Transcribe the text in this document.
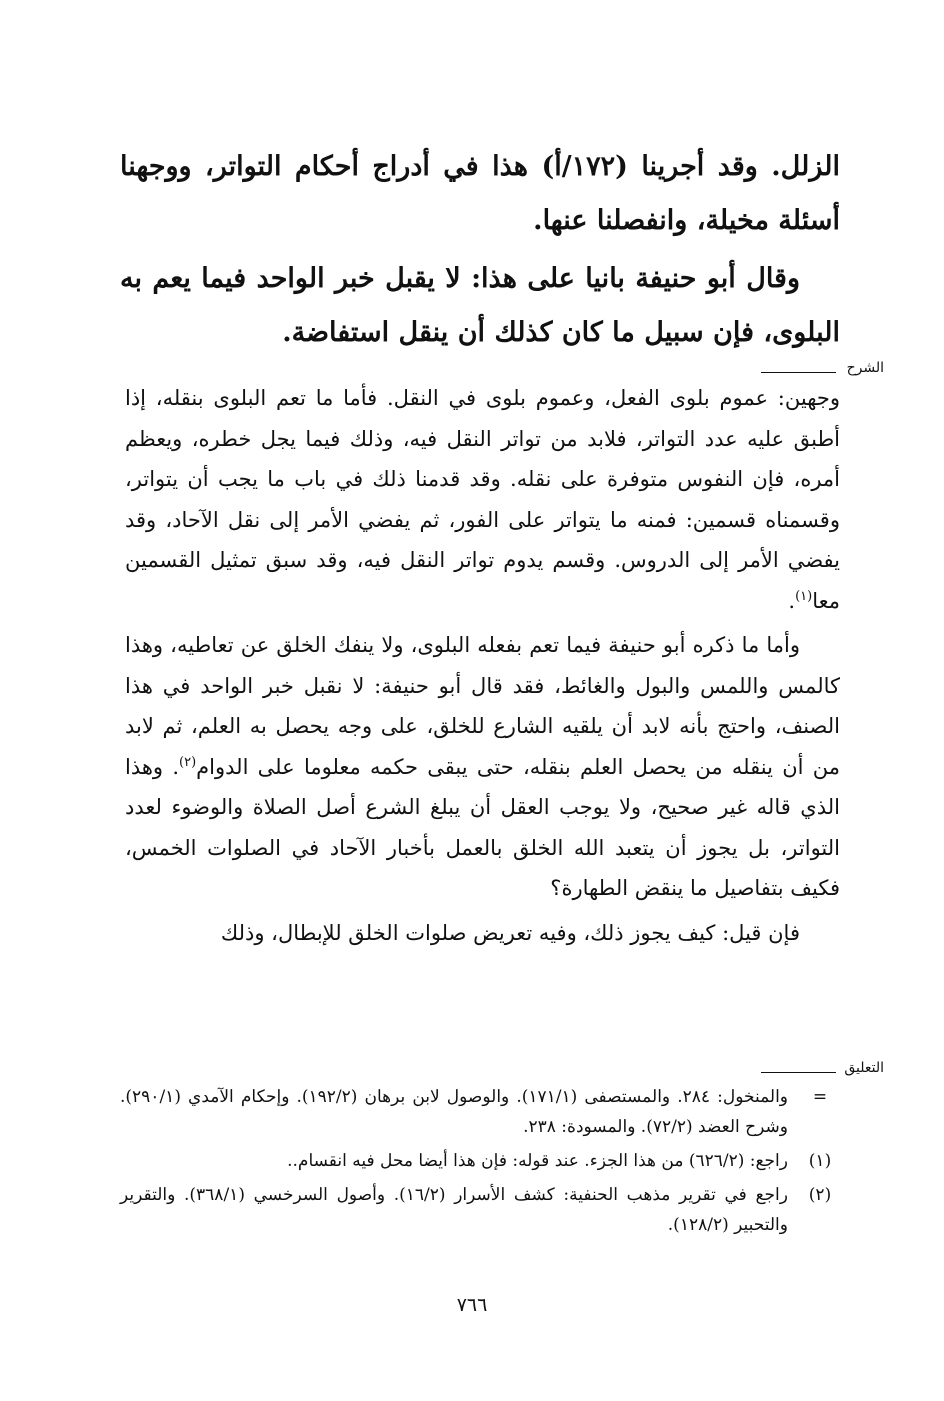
الزلل. وقد أجرينا (١٧٢/أ) هذا في أدراج أحكام التواتر، ووجهنا أسئلة مخيلة، وانفصلنا عنها.

وقال أبو حنيفة بانيا على هذا: لا يقبل خبر الواحد فيما يعم به البلوى، فإن سبيل ما كان كذلك أن ينقل استفاضة.

الشرح

وجهين: عموم بلوى الفعل، وعموم بلوى في النقل. فأما ما تعم البلوى بنقله، إذا أطبق عليه عدد التواتر، فلابد من تواتر النقل فيه، وذلك فيما يجل خطره، ويعظم أمره، فإن النفوس متوفرة على نقله. وقد قدمنا ذلك في باب ما يجب أن يتواتر، وقسمناه قسمين: فمنه ما يتواتر على الفور، ثم يفضي الأمر إلى نقل الآحاد، وقد يفضي الأمر إلى الدروس. وقسم يدوم تواتر النقل فيه، وقد سبق تمثيل القسمين معا$^{(١)}$.

وأما ما ذكره أبو حنيفة فيما تعم بفعله البلوى، ولا ينفك الخلق عن تعاطيه، وهذا كالمس واللمس والبول والغائط، فقد قال أبو حنيفة: لا نقبل خبر الواحد في هذا الصنف، واحتج بأنه لابد أن يلقيه الشارع للخلق، على وجه يحصل به العلم، ثم لابد من أن ينقله من يحصل العلم بنقله، حتى يبقى حكمه معلوما على الدوام$^{(٢)}$. وهذا الذي قاله غير صحيح، ولا يوجب العقل أن يبلغ الشرع أصل الصلاة والوضوء لعدد التواتر، بل يجوز أن يتعبد الله الخلق بالعمل بأخبار الآحاد في الصلوات الخمس، فكيف بتفاصيل ما ينقض الطهارة؟

فإن قيل: كيف يجوز ذلك، وفيه تعريض صلوات الخلق للإبطال، وذلك

التعليق

=
والمنخول: ٢٨٤. والمستصفى (١٧١/١). والوصول لابن برهان (١٩٢/٢). وإحكام الآمدي (٢٩٠/١). وشرح العضد (٧٢/٢). والمسودة: ٢٣٨.

(١)
راجع: (٦٢٦/٢) من هذا الجزء. عند قوله: فإن هذا أيضا محل فيه انقسام..

(٢)
راجع في تقرير مذهب الحنفية: كشف الأسرار (١٦/٢). وأصول السرخسي (٣٦٨/١). والتقرير والتحبير (١٢٨/٢).

٧٦٦
